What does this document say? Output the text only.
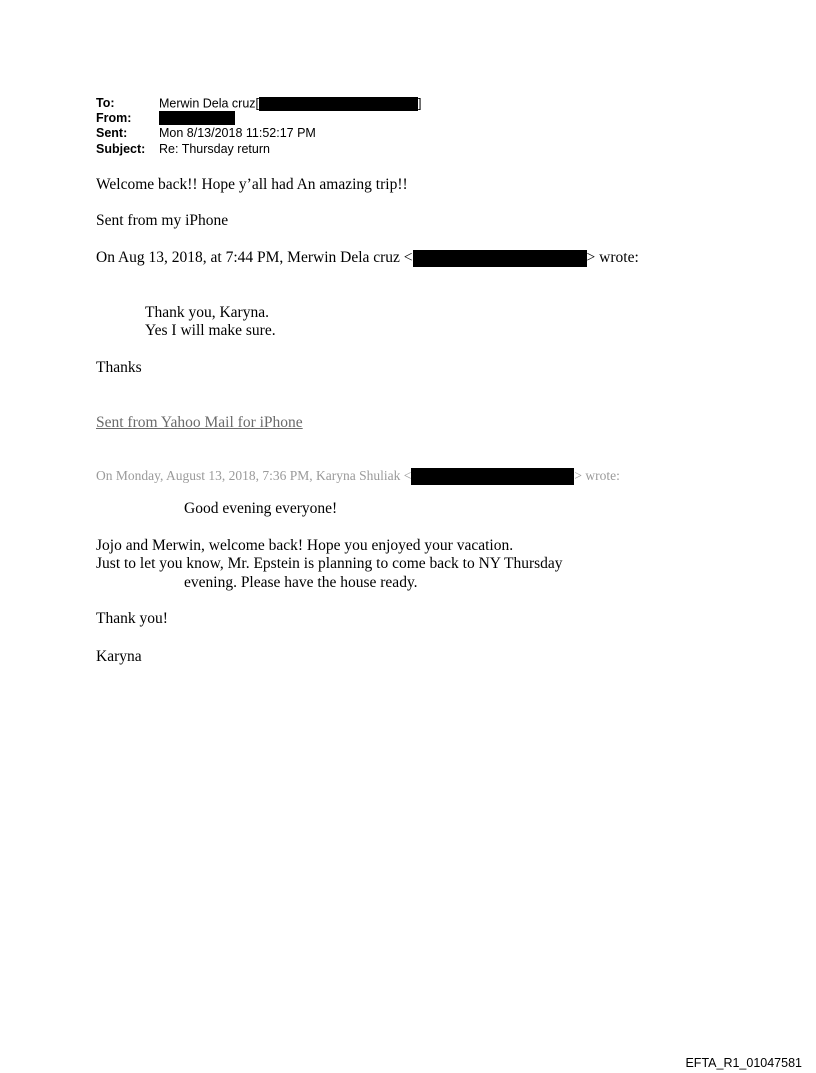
To:	Merwin Dela cruz[	]
From:
Sent:	Mon 8/13/2018 11:52:17 PM
Subject: Re: Thursday return
Welcome back!! Hope y’all had An amazing trip!!
Sent from my iPhone
On Aug 13, 2018, at 7:44 PM, Merwin Dela cruz <	> wrote:
Thank you, Karyna.
Yes I will make sure.
Thanks
Sent from Yahoo Mail for iPhone
On Monday, August 13, 2018, 7:36 PM, Karyna Shuliak <	> wrote:
Good evening everyone!
Jojo and Merwin, welcome back! Hope you enjoyed your vacation.
Just to let you know, Mr. Epstein is planning to come back to NY Thursday
evening. Please have the house ready.
Thank you!
Karyna
EFTA_R1_01047581
